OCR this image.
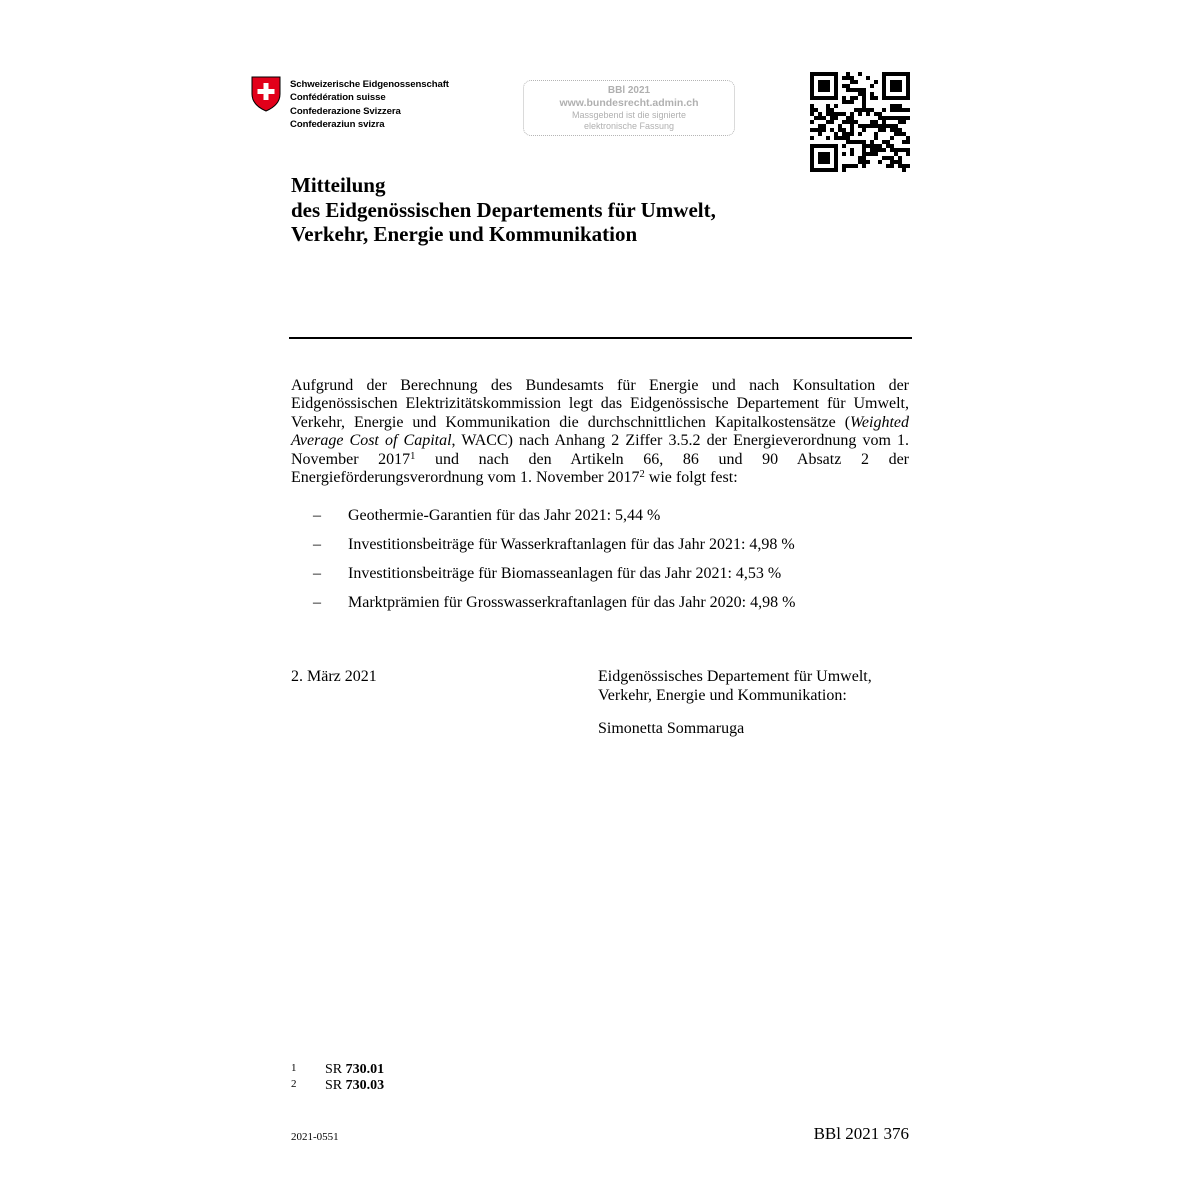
Schweizerische Eidgenossenschaft
Confédération suisse
Confederazione Svizzera
Confederaziun svizra
BBl 2021
www.bundesrecht.admin.ch
Massgebend ist die signierte
elektronische Fassung
Mitteilung
des Eidgenössischen Departements für Umwelt,
Verkehr, Energie und Kommunikation

Aufgrund der Berechnung des Bundesamts für Energie und nach Konsultation der Eidgenössischen Elektrizitätskommission legt das Eidgenössische Departement für Umwelt, Verkehr, Energie und Kommunikation die durchschnittlichen Kapitalkostensätze (Weighted Average Cost of Capital, WACC) nach Anhang 2 Ziffer 3.5.2 der Energieverordnung vom 1. November 2017$^1$ und nach den Artikeln 66, 86 und 90 Absatz 2 der Energieförderungsverordnung vom 1. November 2017$^2$ wie folgt fest:

– Geothermie-Garantien für das Jahr 2021: 5,44 %
– Investitionsbeiträge für Wasserkraftanlagen für das Jahr 2021: 4,98 %
– Investitionsbeiträge für Biomasseanlagen für das Jahr 2021: 4,53 %
– Marktprämien für Grosswasserkraftanlagen für das Jahr 2020: 4,98 %
2. März 2021	Eidgenössisches Departement für Umwelt,
Verkehr, Energie und Kommunikation:
Simonetta Sommaruga
1 SR 730.01
2 SR 730.03
2021-0551	BBl 2021 376
